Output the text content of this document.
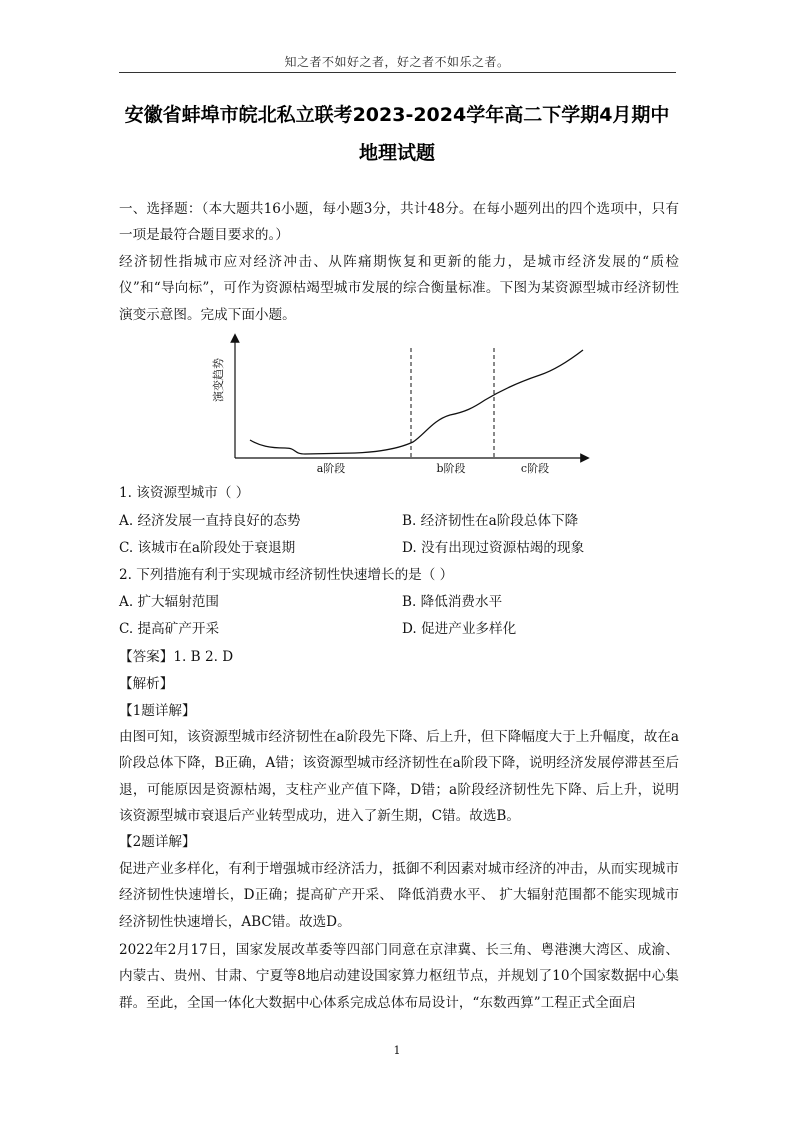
知之者不如好之者，好之者不如乐之者。
安徽省蚌埠市皖北私立联考2023-2024学年高二下学期4月期中
地理试题
一、选择题：（本大题共16小题，每小题3分，共计48分。在每小题列出的四个选项中，只有一项是最符合题目要求的。）
经济韧性指城市应对经济冲击、从阵痛期恢复和更新的能力，是城市经济发展的“质检仪”和“导向标”，可作为资源枯竭型城市发展的综合衡量标准。下图为某资源型城市经济韧性演变示意图。完成下面小题。
演变趋势
a阶段	b阶段	c阶段
1. 该资源型城市（ ）
A. 经济发展一直持良好的态势	B. 经济韧性在a阶段总体下降
C. 该城市在a阶段处于衰退期	D. 没有出现过资源枯竭的现象
2. 下列措施有利于实现城市经济韧性快速增长的是（ ）
A. 扩大辐射范围	B. 降低消费水平
C. 提高矿产开采	D. 促进产业多样化
【答案】1. B 2. D
【解析】
【1题详解】
由图可知，该资源型城市经济韧性在a阶段先下降、后上升，但下降幅度大于上升幅度，故在a阶段总体下降，B正确，A错；该资源型城市经济韧性在a阶段下降，说明经济发展停滞甚至后退，可能原因是资源枯竭，支柱产业产值下降，D错；a阶段经济韧性先下降、后上升，说明该资源型城市衰退后产业转型成功，进入了新生期，C错。故选B。
【2题详解】
促进产业多样化，有利于增强城市经济活力，抵御不利因素对城市经济的冲击，从而实现城市经济韧性快速增长，D正确；提高矿产开采、 降低消费水平、 扩大辐射范围都不能实现城市经济韧性快速增长，ABC错。故选D。
2022年2月17日，国家发展改革委等四部门同意在京津冀、长三角、粤港澳大湾区、成渝、内蒙古、贵州、甘肃、宁夏等8地启动建设国家算力枢纽节点，并规划了10个国家数据中心集群。至此，全国一体化大数据中心体系完成总体布局设计，“东数西算”工程正式全面启
1
